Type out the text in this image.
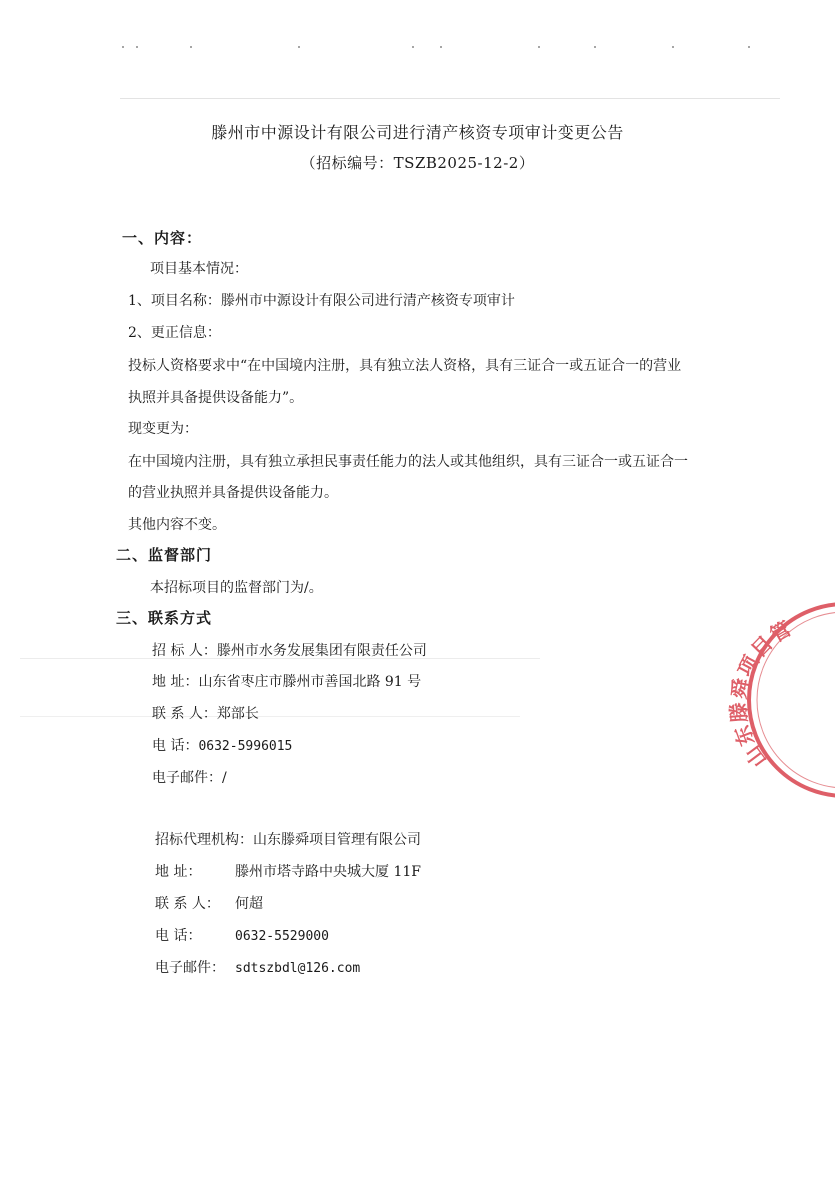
滕州市中源设计有限公司进行清产核资专项审计变更公告
（招标编号：TSZB2025-12-2）
一、内容：
项目基本情况：
1、项目名称：滕州市中源设计有限公司进行清产核资专项审计
2、更正信息：
投标人资格要求中“在中国境内注册，具有独立法人资格，具有三证合一或五证合一的营业
执照并具备提供设备能力”。
现变更为：
在中国境内注册，具有独立承担民事责任能力的法人或其他组织，具有三证合一或五证合一
的营业执照并具备提供设备能力。
其他内容不变。
二、监督部门
本招标项目的监督部门为/。
三、联系方式
招 标 人：滕州市水务发展集团有限责任公司
地 址：山东省枣庄市滕州市善国北路 91 号
联 系 人：郑部长
电 话：0632-5996015
电子邮件：/
招标代理机构：山东滕舜项目管理有限公司
地 址： 滕州市塔寺路中央城大厦 11F
联 系 人： 何超
电 话：	0632-5529000
电子邮件： sdtszbdl@126.com
山东滕舜项目管
